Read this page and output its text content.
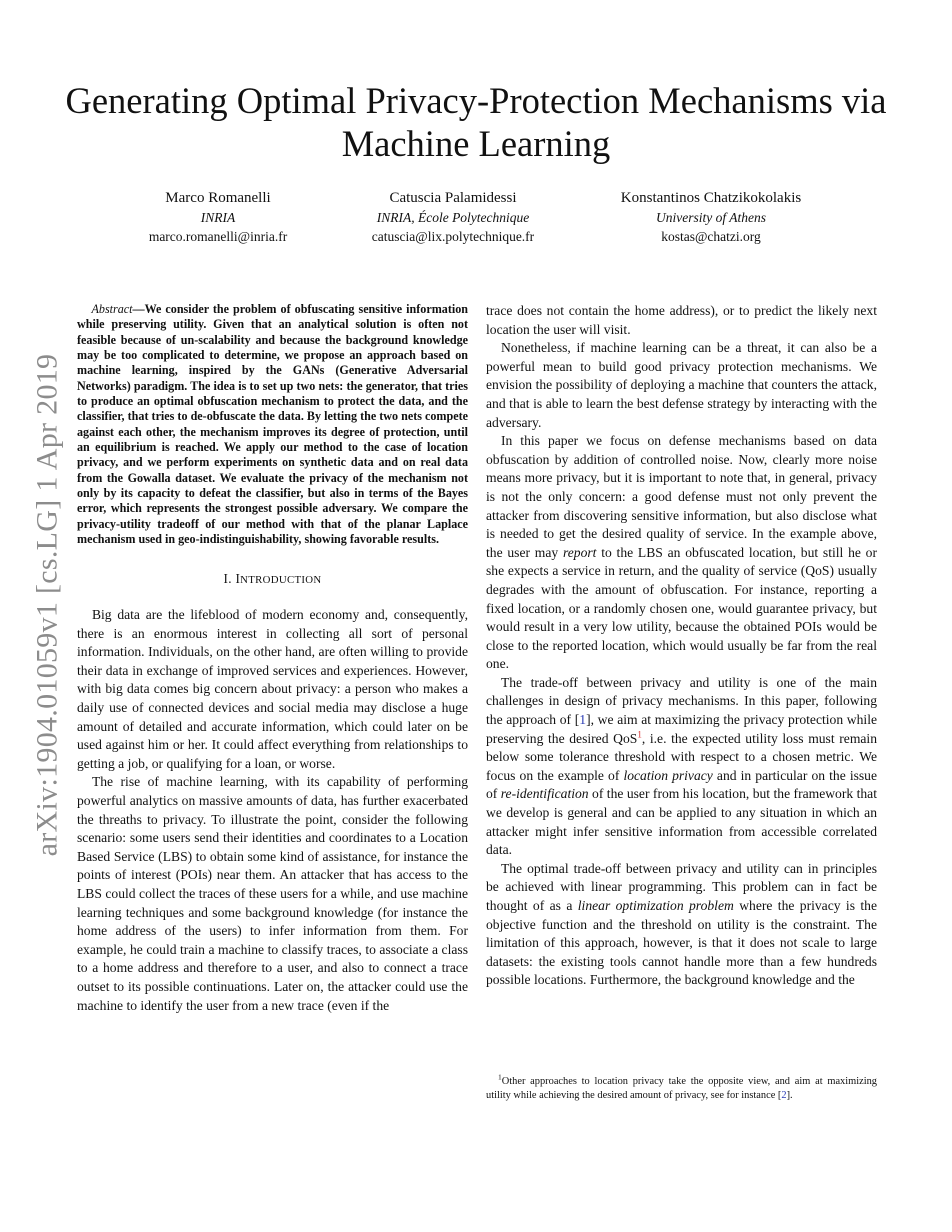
arXiv:1904.01059v1 [cs.LG] 1 Apr 2019
Generating Optimal Privacy-Protection Mechanisms via Machine Learning
Marco Romanelli
INRIA
marco.romanelli@inria.fr
Catuscia Palamidessi
INRIA, École Polytechnique
catuscia@lix.polytechnique.fr
Konstantinos Chatzikokolakis
University of Athens
kostas@chatzi.org

Abstract—We consider the problem of obfuscating sensitive information while preserving utility. Given that an analytical solution is often not feasible because of un-scalability and because the background knowledge may be too complicated to determine, we propose an approach based on machine learning, inspired by the GANs (Generative Adversarial Networks) paradigm. The idea is to set up two nets: the generator, that tries to produce an optimal obfuscation mechanism to protect the data, and the classifier, that tries to de-obfuscate the data. By letting the two nets compete against each other, the mechanism improves its degree of protection, until an equilibrium is reached. We apply our method to the case of location privacy, and we perform experiments on synthetic data and on real data from the Gowalla dataset. We evaluate the privacy of the mechanism not only by its capacity to defeat the classifier, but also in terms of the Bayes error, which represents the strongest possible adversary. We compare the privacy-utility tradeoff of our method with that of the planar Laplace mechanism used in geo-indistinguishability, showing favorable results.

I. INTRODUCTION

Big data are the lifeblood of modern economy and, consequently, there is an enormous interest in collecting all sort of personal information. Individuals, on the other hand, are often willing to provide their data in exchange of improved services and experiences. However, with big data comes big concern about privacy: a person who makes a daily use of connected devices and social media may disclose a huge amount of detailed and accurate information, which could later on be used against him or her. It could affect everything from relationships to getting a job, or qualifying for a loan, or worse.

The rise of machine learning, with its capability of performing powerful analytics on massive amounts of data, has further exacerbated the threaths to privacy. To illustrate the point, consider the following scenario: some users send their identities and coordinates to a Location Based Service (LBS) to obtain some kind of assistance, for instance the points of interest (POIs) near them. An attacker that has access to the LBS could collect the traces of these users for a while, and use machine learning techniques and some background knowledge (for instance the home address of the users) to infer information from them. For example, he could train a machine to classify traces, to associate a class to a home address and therefore to a user, and also to connect a trace outset to its possible continuations. Later on, the attacker could use the machine to identify the user from a new trace (even if the

trace does not contain the home address), or to predict the likely next location the user will visit.

Nonetheless, if machine learning can be a threat, it can also be a powerful mean to build good privacy protection mechanisms. We envision the possibility of deploying a machine that counters the attack, and that is able to learn the best defense strategy by interacting with the adversary.

In this paper we focus on defense mechanisms based on data obfuscation by addition of controlled noise. Now, clearly more noise means more privacy, but it is important to note that, in general, privacy is not the only concern: a good defense must not only prevent the attacker from discovering sensitive information, but also disclose what is needed to get the desired quality of service. In the example above, the user may report to the LBS an obfuscated location, but still he or she expects a service in return, and the quality of service (QoS) usually degrades with the amount of obfuscation. For instance, reporting a fixed location, or a randomly chosen one, would guarantee privacy, but would result in a very low utility, because the obtained POIs would be close to the reported location, which would usually be far from the real one.

The trade-off between privacy and utility is one of the main challenges in design of privacy mechanisms. In this paper, following the approach of [1], we aim at maximizing the privacy protection while preserving the desired QoS$^1$, i.e. the expected utility loss must remain below some tolerance threshold with respect to a chosen metric. We focus on the example of location privacy and in particular on the issue of re-identification of the user from his location, but the framework that we develop is general and can be applied to any situation in which an attacker might infer sensitive information from accessible correlated data.

The optimal trade-off between privacy and utility can in principles be achieved with linear programming. This problem can in fact be thought of as a linear optimization problem where the privacy is the objective function and the threshold on utility is the constraint. The limitation of this approach, however, is that it does not scale to large datasets: the existing tools cannot handle more than a few hundreds possible locations. Furthermore, the background knowledge and the

$^1$Other approaches to location privacy take the opposite view, and aim at maximizing utility while achieving the desired amount of privacy, see for instance [2].
